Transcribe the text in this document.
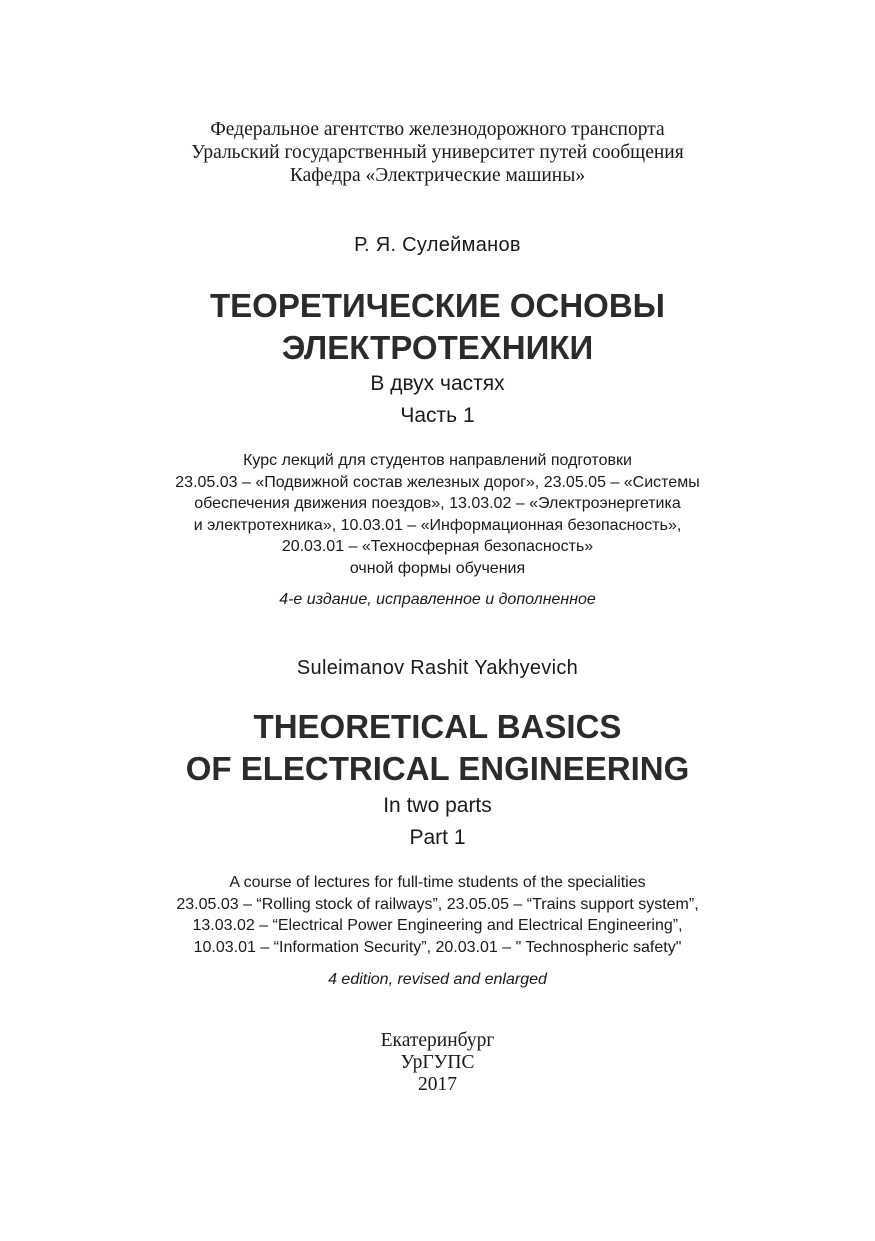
Федеральное агентство железнодорожного транспорта
Уральский государственный университет путей сообщения
Кафедра «Электрические машины»
Р. Я. Сулейманов
ТЕОРЕТИЧЕСКИЕ ОСНОВЫ
ЭЛЕКТРОТЕХНИКИ
В двух частях
Часть 1
Курс лекций для студентов направлений подготовки
23.05.03 – «Подвижной состав железных дорог», 23.05.05 – «Системы
обеспечения движения поездов», 13.03.02 – «Электроэнергетика
и электротехника», 10.03.01 – «Информационная безопасность»,
20.03.01 – «Техносферная безопасность»
очной формы обучения
4-е издание, исправленное и дополненное
Suleimanov Rashit Yakhyevich
THEORETICAL BASICS
OF ELECTRICAL ENGINEERING
In two parts
Part 1
A course of lectures for full-time students of the specialities
23.05.03 – “Rolling stock of railways”, 23.05.05 – “Trains support system”,
13.03.02 – “Electrical Power Engineering and Electrical Engineering”,
10.03.01 – “Information Security”, 20.03.01 – " Technospheric safety"
4 edition, revised and enlarged
Екатеринбург
УрГУПС
2017
